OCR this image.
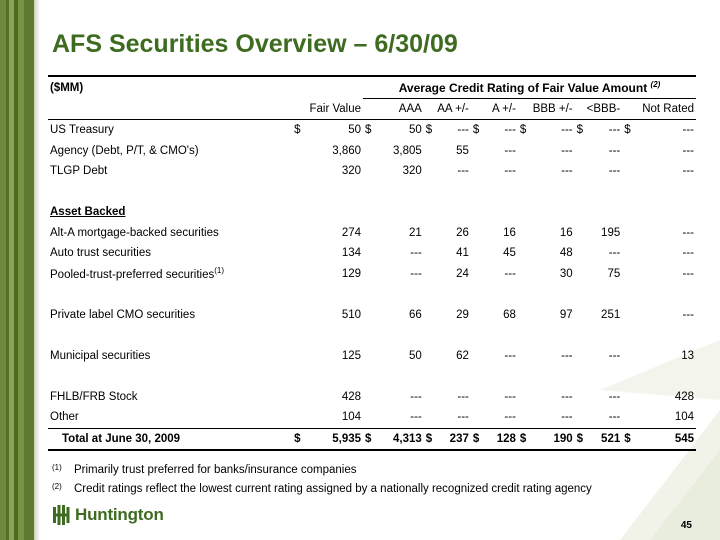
AFS Securities Overview – 6/30/09
($MM)			Average Credit Rating of Fair Value Amount $^{(2)}$
	Fair Value		AAA		AA +/-		A +/-		BBB +/-		<BBB-		Not Rated	
US Treasury	$	50	$	50	$	---	$	---	$	---	$	---	$	---
Agency (Debt, P/T, & CMO's)		3,860		3,805		55		---		---		---		---
TLGP Debt		320		320		---		---		---		---		---

Asset Backed														
Alt-A mortgage-backed securities		274		21		26		16		16		195		---
Auto trust securities		134		---		41		45		48		---		---
Pooled-trust-preferred securities$^{(1)}$		129		---		24		---		30		75		---

Private label CMO securities		510		66		29		68		97		251		---

Municipal securities		125		50		62		---		---		---		13

FHLB/FRB Stock		428		---		---		---		---		---		428
Other		104		---		---		---		---		---		104
Total at June 30, 2009	$	5,935	$	4,313	$	237	$	128	$	190	$	521	$	545
(1)	Primarily trust preferred for banks/insurance companies
(2)	Credit ratings reflect the lowest current rating assigned by a nationally recognized credit rating agency
Huntington
45
